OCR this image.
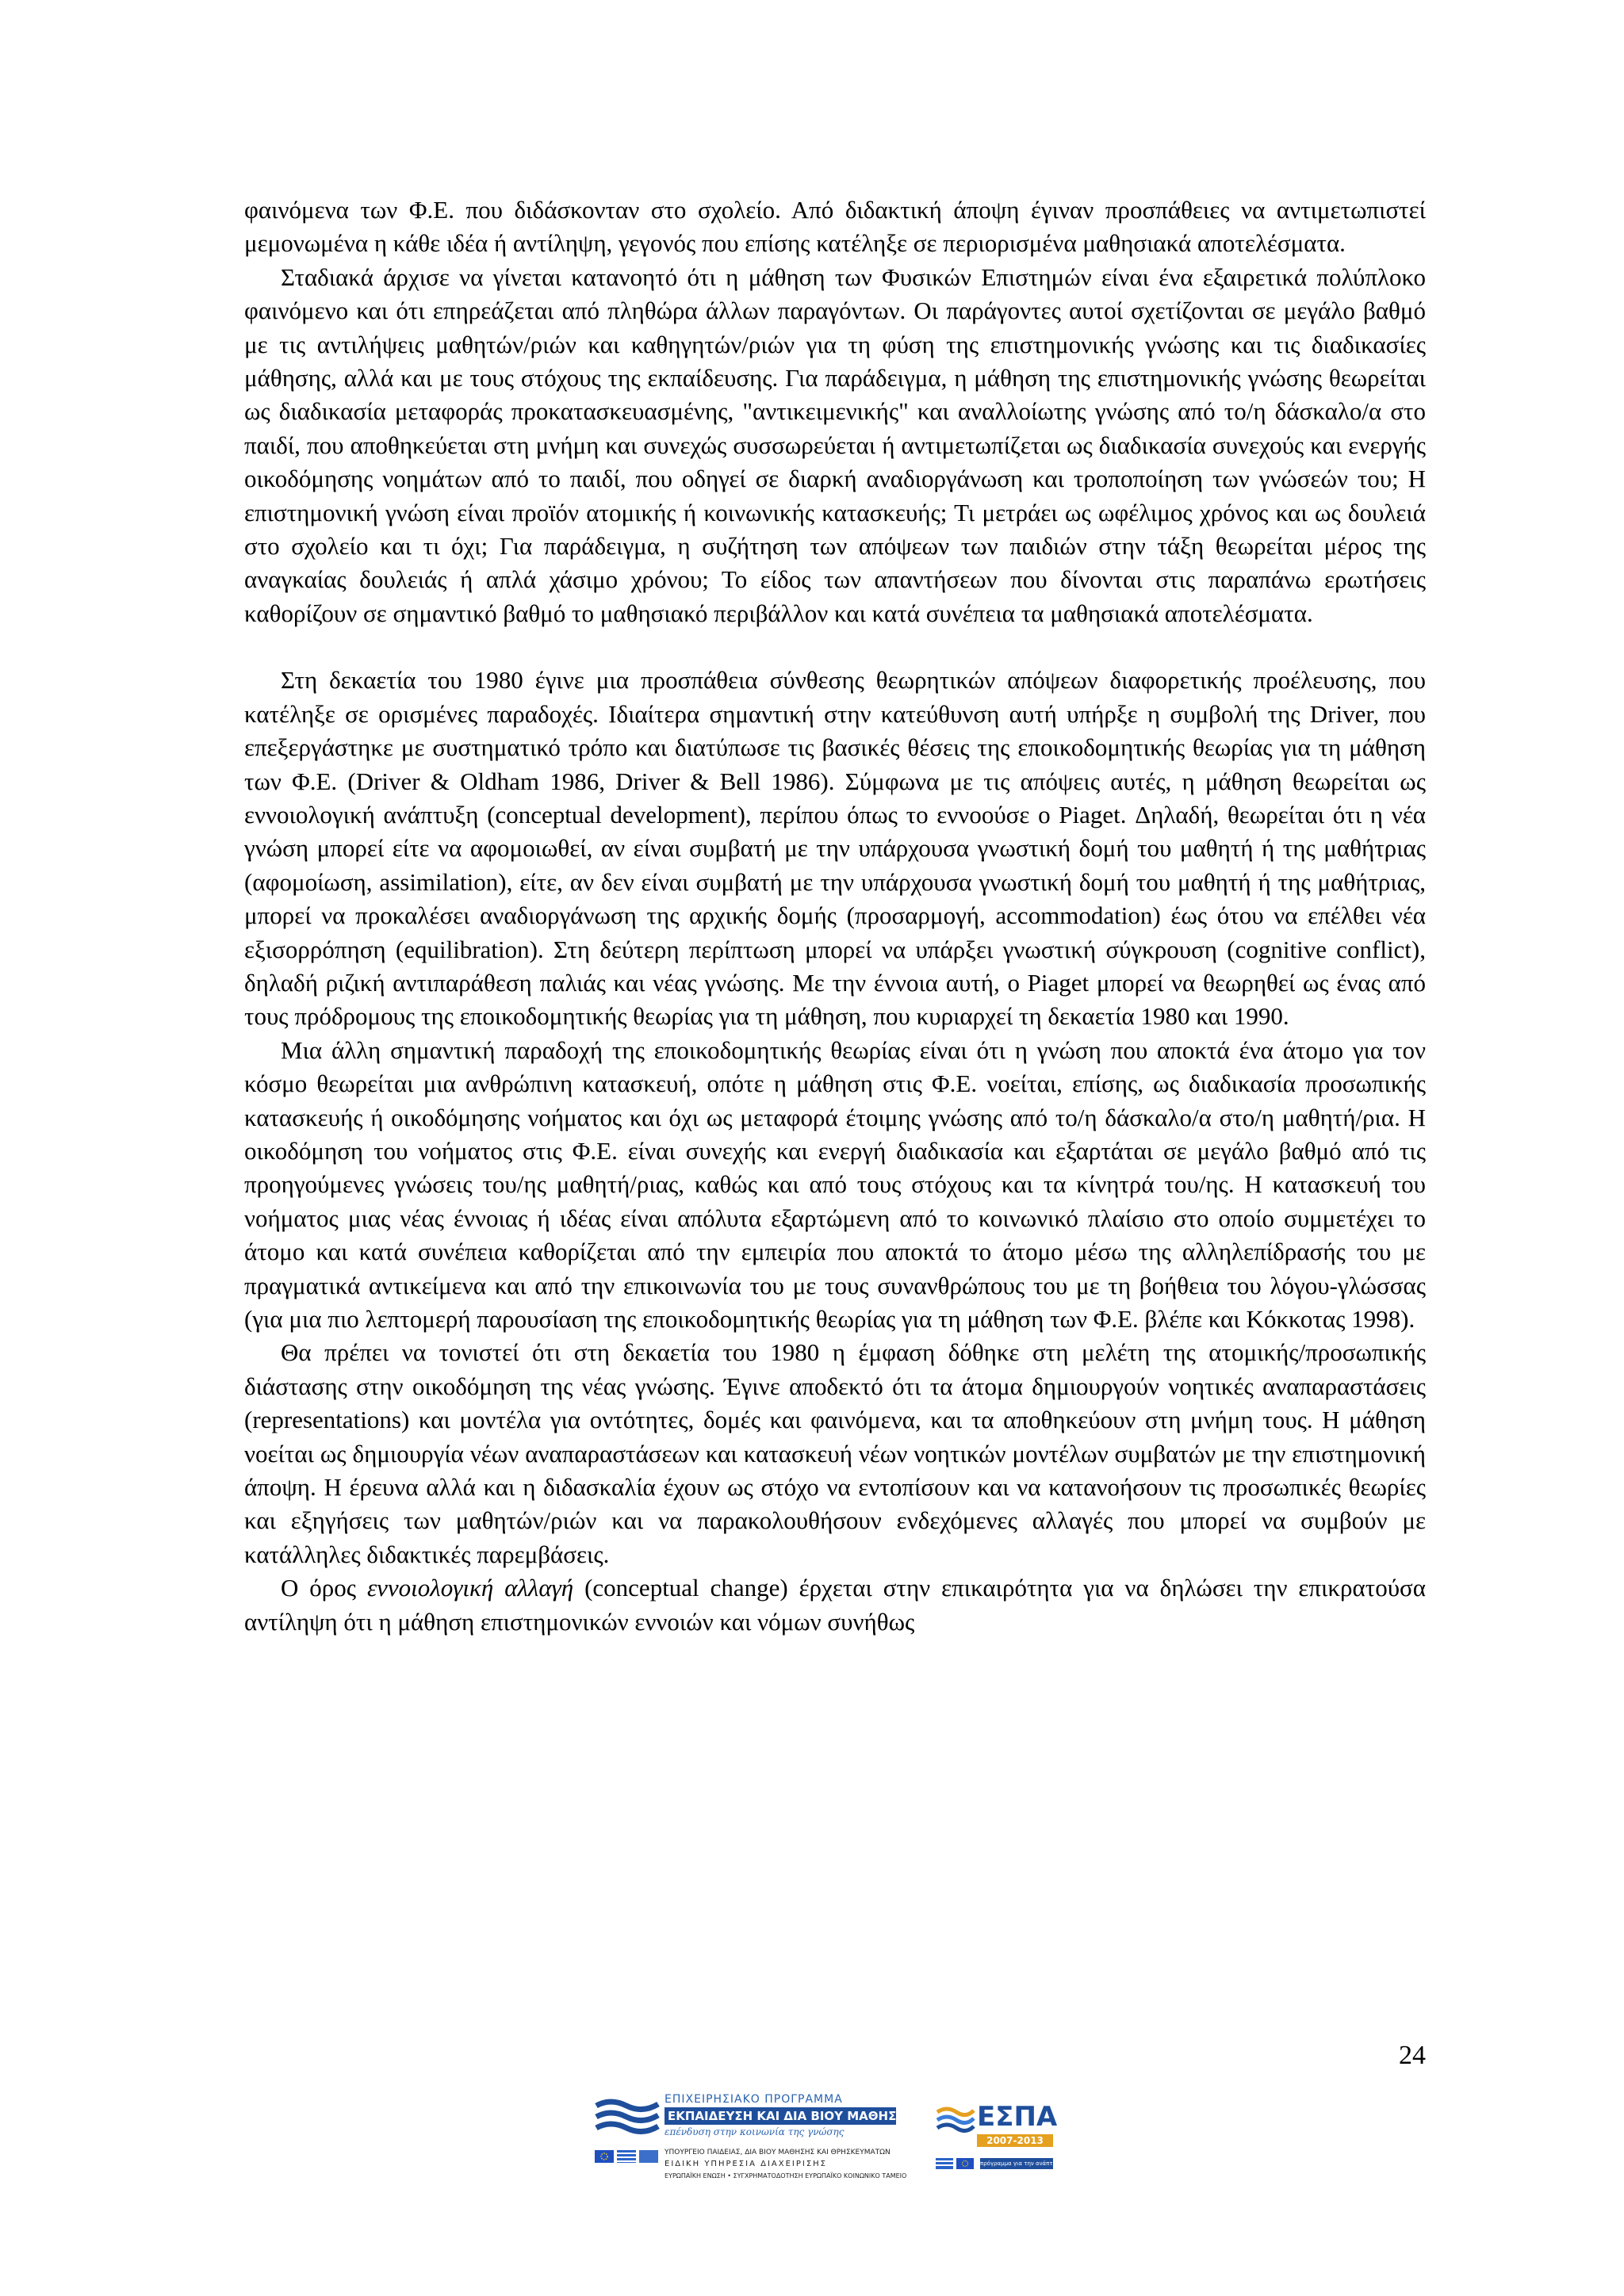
φαινόμενα των Φ.Ε. που διδάσκονταν στο σχολείο. Από διδακτική άποψη έγιναν προσπάθειες να αντιμετωπιστεί μεμονωμένα η κάθε ιδέα ή αντίληψη, γεγονός που επίσης κατέληξε σε περιορισμένα μαθησιακά αποτελέσματα.

Σταδιακά άρχισε να γίνεται κατανοητό ότι η μάθηση των Φυσικών Επιστημών είναι ένα εξαιρετικά πολύπλοκο φαινόμενο και ότι επηρεάζεται από πληθώρα άλλων παραγόντων. Οι παράγοντες αυτοί σχετίζονται σε μεγάλο βαθμό με τις αντιλήψεις μαθητών/ριών και καθηγητών/ριών για τη φύση της επιστημονικής γνώσης και τις διαδικασίες μάθησης, αλλά και με τους στόχους της εκπαίδευσης. Για παράδειγμα, η μάθηση της επιστημονικής γνώσης θεωρείται ως διαδικασία μεταφοράς προκατασκευασμένης, "αντικειμενικής" και αναλλοίωτης γνώσης από το/η δάσκαλο/α στο παιδί, που αποθηκεύεται στη μνήμη και συνεχώς συσσωρεύεται ή αντιμετωπίζεται ως διαδικασία συνεχούς και ενεργής οικοδόμησης νοημάτων από το παιδί, που οδηγεί σε διαρκή αναδιοργάνωση και τροποποίηση των γνώσεών του; Η επιστημονική γνώση είναι προϊόν ατομικής ή κοινωνικής κατασκευής; Τι μετράει ως ωφέλιμος χρόνος και ως δουλειά στο σχολείο και τι όχι; Για παράδειγμα, η συζήτηση των απόψεων των παιδιών στην τάξη θεωρείται μέρος της αναγκαίας δουλειάς ή απλά χάσιμο χρόνου; Το είδος των απαντήσεων που δίνονται στις παραπάνω ερωτήσεις καθορίζουν σε σημαντικό βαθμό το μαθησιακό περιβάλλον και κατά συνέπεια τα μαθησιακά αποτελέσματα.

Στη δεκαετία του 1980 έγινε μια προσπάθεια σύνθεσης θεωρητικών απόψεων διαφορετικής προέλευσης, που κατέληξε σε ορισμένες παραδοχές. Ιδιαίτερα σημαντική στην κατεύθυνση αυτή υπήρξε η συμβολή της Driver, που επεξεργάστηκε με συστηματικό τρόπο και διατύπωσε τις βασικές θέσεις της εποικοδομητικής θεωρίας για τη μάθηση των Φ.Ε. (Driver & Oldham 1986, Driver & Bell 1986). Σύμφωνα με τις απόψεις αυτές, η μάθηση θεωρείται ως εννοιολογική ανάπτυξη (conceptual development), περίπου όπως το εννοούσε ο Piaget. Δηλαδή, θεωρείται ότι η νέα γνώση μπορεί είτε να αφομοιωθεί, αν είναι συμβατή με την υπάρχουσα γνωστική δομή του μαθητή ή της μαθήτριας (αφομοίωση, assimilation), είτε, αν δεν είναι συμβατή με την υπάρχουσα γνωστική δομή του μαθητή ή της μαθήτριας, μπορεί να προκαλέσει αναδιοργάνωση της αρχικής δομής (προσαρμογή, accommodation) έως ότου να επέλθει νέα εξισορρόπηση (equilibration). Στη δεύτερη περίπτωση μπορεί να υπάρξει γνωστική σύγκρουση (cognitive conflict), δηλαδή ριζική αντιπαράθεση παλιάς και νέας γνώσης. Με την έννοια αυτή, ο Piaget μπορεί να θεωρηθεί ως ένας από τους πρόδρομους της εποικοδομητικής θεωρίας για τη μάθηση, που κυριαρχεί τη δεκαετία 1980 και 1990.

Μια άλλη σημαντική παραδοχή της εποικοδομητικής θεωρίας είναι ότι η γνώση που αποκτά ένα άτομο για τον κόσμο θεωρείται μια ανθρώπινη κατασκευή, οπότε η μάθηση στις Φ.Ε. νοείται, επίσης, ως διαδικασία προσωπικής κατασκευής ή οικοδόμησης νοήματος και όχι ως μεταφορά έτοιμης γνώσης από το/η δάσκαλο/α στο/η μαθητή/ρια. Η οικοδόμηση του νοήματος στις Φ.Ε. είναι συνεχής και ενεργή διαδικασία και εξαρτάται σε μεγάλο βαθμό από τις προηγούμενες γνώσεις του/ης μαθητή/ριας, καθώς και από τους στόχους και τα κίνητρά του/ης. Η κατασκευή του νοήματος μιας νέας έννοιας ή ιδέας είναι απόλυτα εξαρτώμενη από το κοινωνικό πλαίσιο στο οποίο συμμετέχει το άτομο και κατά συνέπεια καθορίζεται από την εμπειρία που αποκτά το άτομο μέσω της αλληλεπίδρασής του με πραγματικά αντικείμενα και από την επικοινωνία του με τους συνανθρώπους του με τη βοήθεια του λόγου-γλώσσας (για μια πιο λεπτομερή παρουσίαση της εποικοδομητικής θεωρίας για τη μάθηση των Φ.Ε. βλέπε και Κόκκοτας 1998).

Θα πρέπει να τονιστεί ότι στη δεκαετία του 1980 η έμφαση δόθηκε στη μελέτη της ατομικής/προσωπικής διάστασης στην οικοδόμηση της νέας γνώσης. Έγινε αποδεκτό ότι τα άτομα δημιουργούν νοητικές αναπαραστάσεις (representations) και μοντέλα για οντότητες, δομές και φαινόμενα, και τα αποθηκεύουν στη μνήμη τους. Η μάθηση νοείται ως δημιουργία νέων αναπαραστάσεων και κατασκευή νέων νοητικών μοντέλων συμβατών με την επιστημονική άποψη. Η έρευνα αλλά και η διδασκαλία έχουν ως στόχο να εντοπίσουν και να κατανοήσουν τις προσωπικές θεωρίες και εξηγήσεις των μαθητών/ριών και να παρακολουθήσουν ενδεχόμενες αλλαγές που μπορεί να συμβούν με κατάλληλες διδακτικές παρεμβάσεις.

Ο όρος εννοιολογική αλλαγή (conceptual change) έρχεται στην επικαιρότητα για να δηλώσει την επικρατούσα αντίληψη ότι η μάθηση επιστημονικών εννοιών και νόμων συνήθως

24
ΕΠΙΧΕΙΡΗΣΙΑΚΟ ΠΡΟΓΡΑΜΜΑ
ΕΚΠΑΙΔΕΥΣΗ ΚΑΙ ΔΙΑ ΒΙΟΥ ΜΑΘΗΣΗ
επένδυση στην κοινωνία της γνώσης
ΥΠΟΥΡΓΕΙΟ ΠΑΙΔΕΙΑΣ, ΔΙΑ ΒΙΟΥ ΜΑΘΗΣΗΣ ΚΑΙ ΘΡΗΣΚΕΥΜΑΤΩΝ
ΕΙΔΙΚΗ ΥΠΗΡΕΣΙΑ ΔΙΑΧΕΙΡΙΣΗΣ
ΕΥΡΩΠΑΪΚΗ ΕΝΩΣΗ • ΣΥΓΧΡΗΜΑΤΟΔΟΤΗΣΗ ΕΥΡΩΠΑΪΚΟ ΚΟΙΝΩΝΙΚΟ ΤΑΜΕΙΟ
ΕΣΠΑ
2007-2013
πρόγραμμα για την ανάπτυξη
